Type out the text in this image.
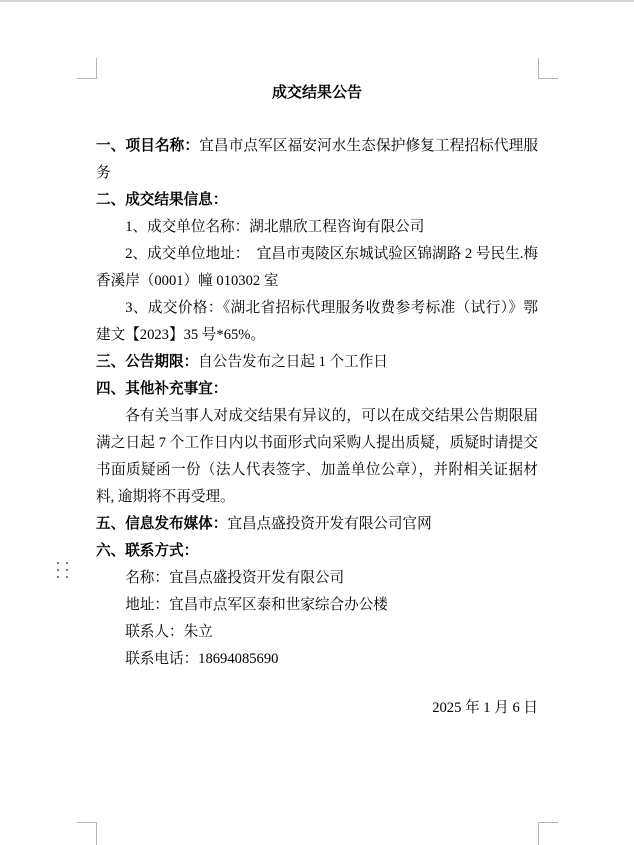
成交结果公告

一、项目名称：宜昌市点军区福安河水生态保护修复工程招标代理服务

二、成交结果信息：

1、成交单位名称：湖北鼎欣工程咨询有限公司

2、成交单位地址：　宜昌市夷陵区东城试验区锦湖路 2 号民生.梅香溪岸（0001）幢 010302 室

3、成交价格：《湖北省招标代理服务收费参考标准（试行）》鄂建文【2023】35 号*65%。

三、公告期限：自公告发布之日起 1 个工作日

四、其他补充事宜：

各有关当事人对成交结果有异议的，可以在成交结果公告期限届满之日起 7 个工作日内以书面形式向采购人提出质疑，质疑时请提交书面质疑函一份（法人代表签字、加盖单位公章），并附相关证据材料, 逾期将不再受理。

五、信息发布媒体：宜昌点盛投资开发有限公司官网

六、联系方式：

名称：宜昌点盛投资开发有限公司

地址：宜昌市点军区泰和世家综合办公楼

联系人：朱立

联系电话：18694085690

2025 年 1 月 6 日
